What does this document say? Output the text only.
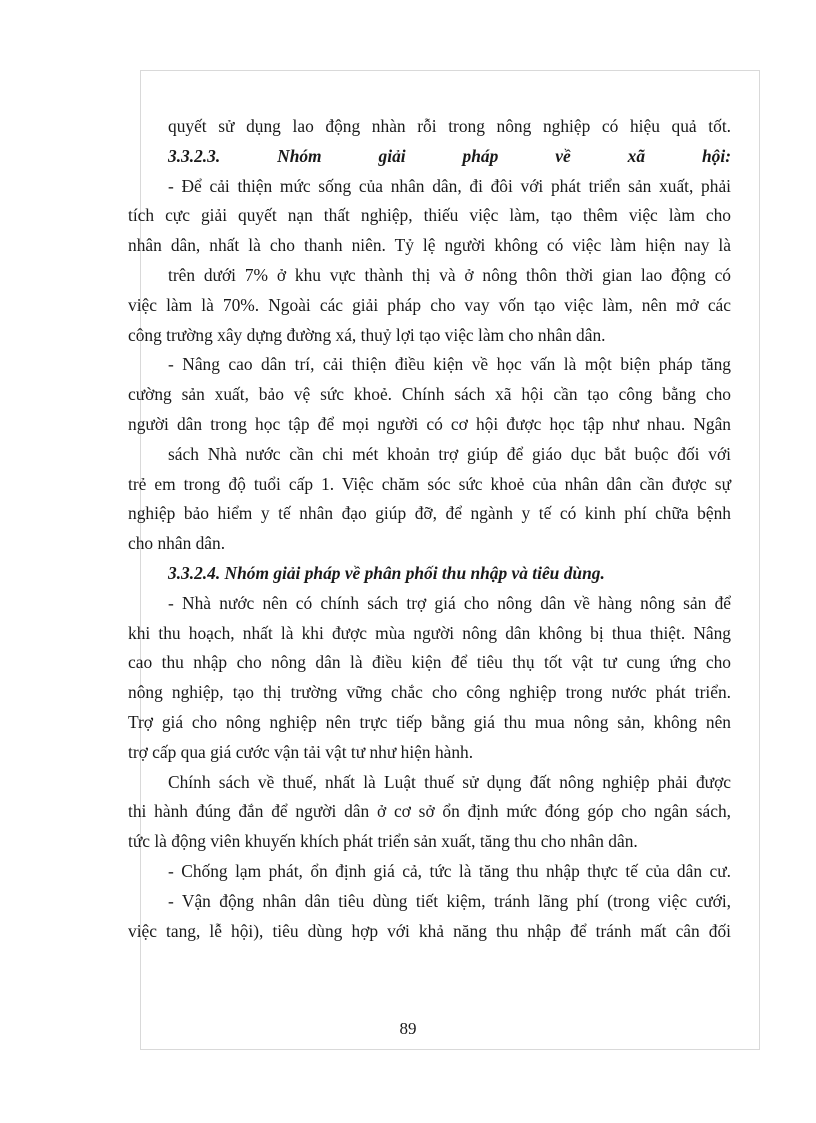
quyết sử dụng lao động nhàn rỗi trong nông nghiệp có hiệu quả tốt.
3.3.2.3. Nhóm giải pháp về xã hội:
- Để cải thiện mức sống của nhân dân, đi đôi với phát triển sản xuất, phải
tích cực giải quyết nạn thất nghiệp, thiếu việc làm, tạo thêm việc làm cho
nhân dân, nhất là cho thanh niên. Tỷ lệ người không có việc làm hiện nay là
trên dưới 7% ở khu vực thành thị và ở nông thôn thời gian lao động có
việc làm là 70%. Ngoài các giải pháp cho vay vốn tạo việc làm, nên mở các
công trường xây dựng đường xá, thuỷ lợi tạo việc làm cho nhân dân.
- Nâng cao dân trí, cải thiện điều kiện về học vấn là một biện pháp tăng
cường sản xuất, bảo vệ sức khoẻ. Chính sách xã hội cần tạo công bằng cho
người dân trong học tập để mọi người có cơ hội được học tập như nhau. Ngân
sách Nhà nước cần chi mét khoản trợ giúp để giáo dục bắt buộc đối với
trẻ em trong độ tuổi cấp 1. Việc chăm sóc sức khoẻ của nhân dân cần được sự
nghiệp bảo hiểm y tế nhân đạo giúp đỡ, để ngành y tế có kinh phí chữa bệnh
cho nhân dân.
3.3.2.4. Nhóm giải pháp về phân phối thu nhập và tiêu dùng.
- Nhà nước nên có chính sách trợ giá cho nông dân về hàng nông sản để
khi thu hoạch, nhất là khi được mùa người nông dân không bị thua thiệt. Nâng
cao thu nhập cho nông dân là điều kiện để tiêu thụ tốt vật tư cung ứng cho
nông nghiệp, tạo thị trường vững chắc cho công nghiệp trong nước phát triển.
Trợ giá cho nông nghiệp nên trực tiếp bằng giá thu mua nông sản, không nên
trợ cấp qua giá cước vận tải vật tư như hiện hành.
Chính sách về thuế, nhất là Luật thuế sử dụng đất nông nghiệp phải được
thi hành đúng đắn để người dân ở cơ sở ổn định mức đóng góp cho ngân sách,
tức là động viên khuyến khích phát triển sản xuất, tăng thu cho nhân dân.
- Chống lạm phát, ổn định giá cả, tức là tăng thu nhập thực tế của dân cư.
- Vận động nhân dân tiêu dùng tiết kiệm, tránh lãng phí (trong việc cưới,
việc tang, lễ hội), tiêu dùng hợp với khả năng thu nhập để tránh mất cân đối
89
